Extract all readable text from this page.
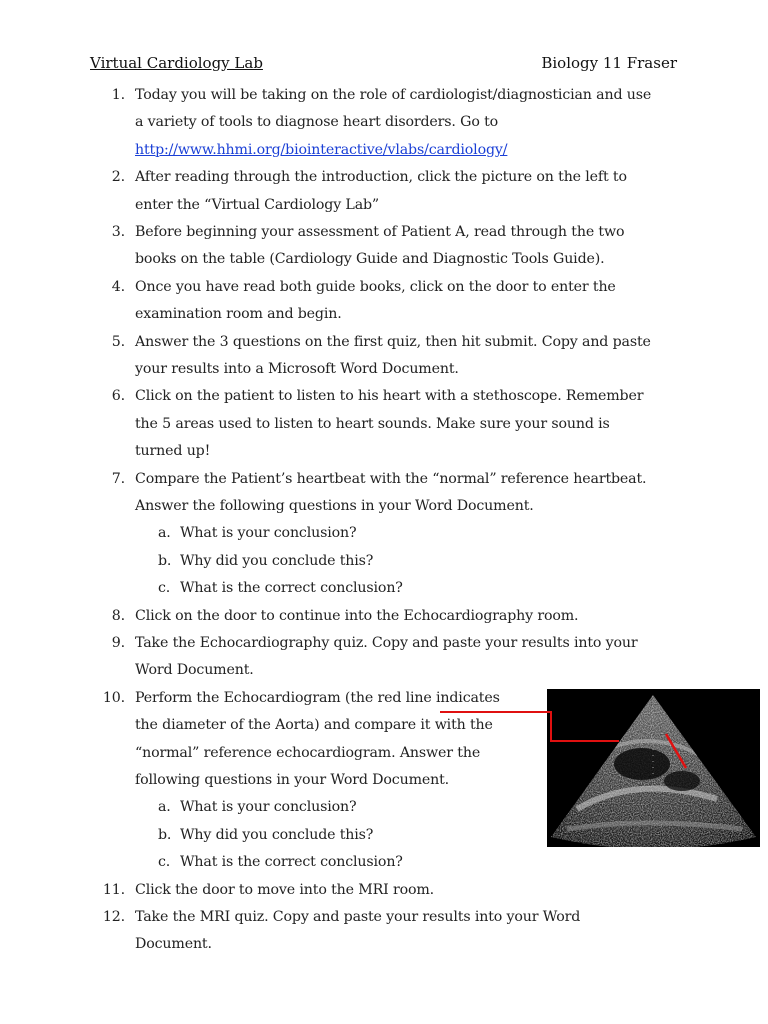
Virtual Cardiology Lab	Biology 11 Fraser
1. Today you will be taking on the role of cardiologist/diagnostician and use
a variety of tools to diagnose heart disorders. Go to
http://www.hhmi.org/biointeractive/vlabs/cardiology/
2. After reading through the introduction, click the picture on the left to
enter the “Virtual Cardiology Lab”
3. Before beginning your assessment of Patient A, read through the two
books on the table (Cardiology Guide and Diagnostic Tools Guide).
4. Once you have read both guide books, click on the door to enter the
examination room and begin.
5. Answer the 3 questions on the first quiz, then hit submit. Copy and paste
your results into a Microsoft Word Document.
6. Click on the patient to listen to his heart with a stethoscope. Remember
the 5 areas used to listen to heart sounds. Make sure your sound is
turned up!
7. Compare the Patient’s heartbeat with the “normal” reference heartbeat.
Answer the following questions in your Word Document.
a. What is your conclusion?
b. Why did you conclude this?
c. What is the correct conclusion?
8. Click on the door to continue into the Echocardiography room.
9. Take the Echocardiography quiz. Copy and paste your results into your
Word Document.
10. Perform the Echocardiogram (the red line indicates
the diameter of the Aorta) and compare it with the
“normal” reference echocardiogram. Answer the
following questions in your Word Document.
a. What is your conclusion?
b. Why did you conclude this?
c. What is the correct conclusion?
11. Click the door to move into the MRI room.
12. Take the MRI quiz. Copy and paste your results into your Word
Document.
